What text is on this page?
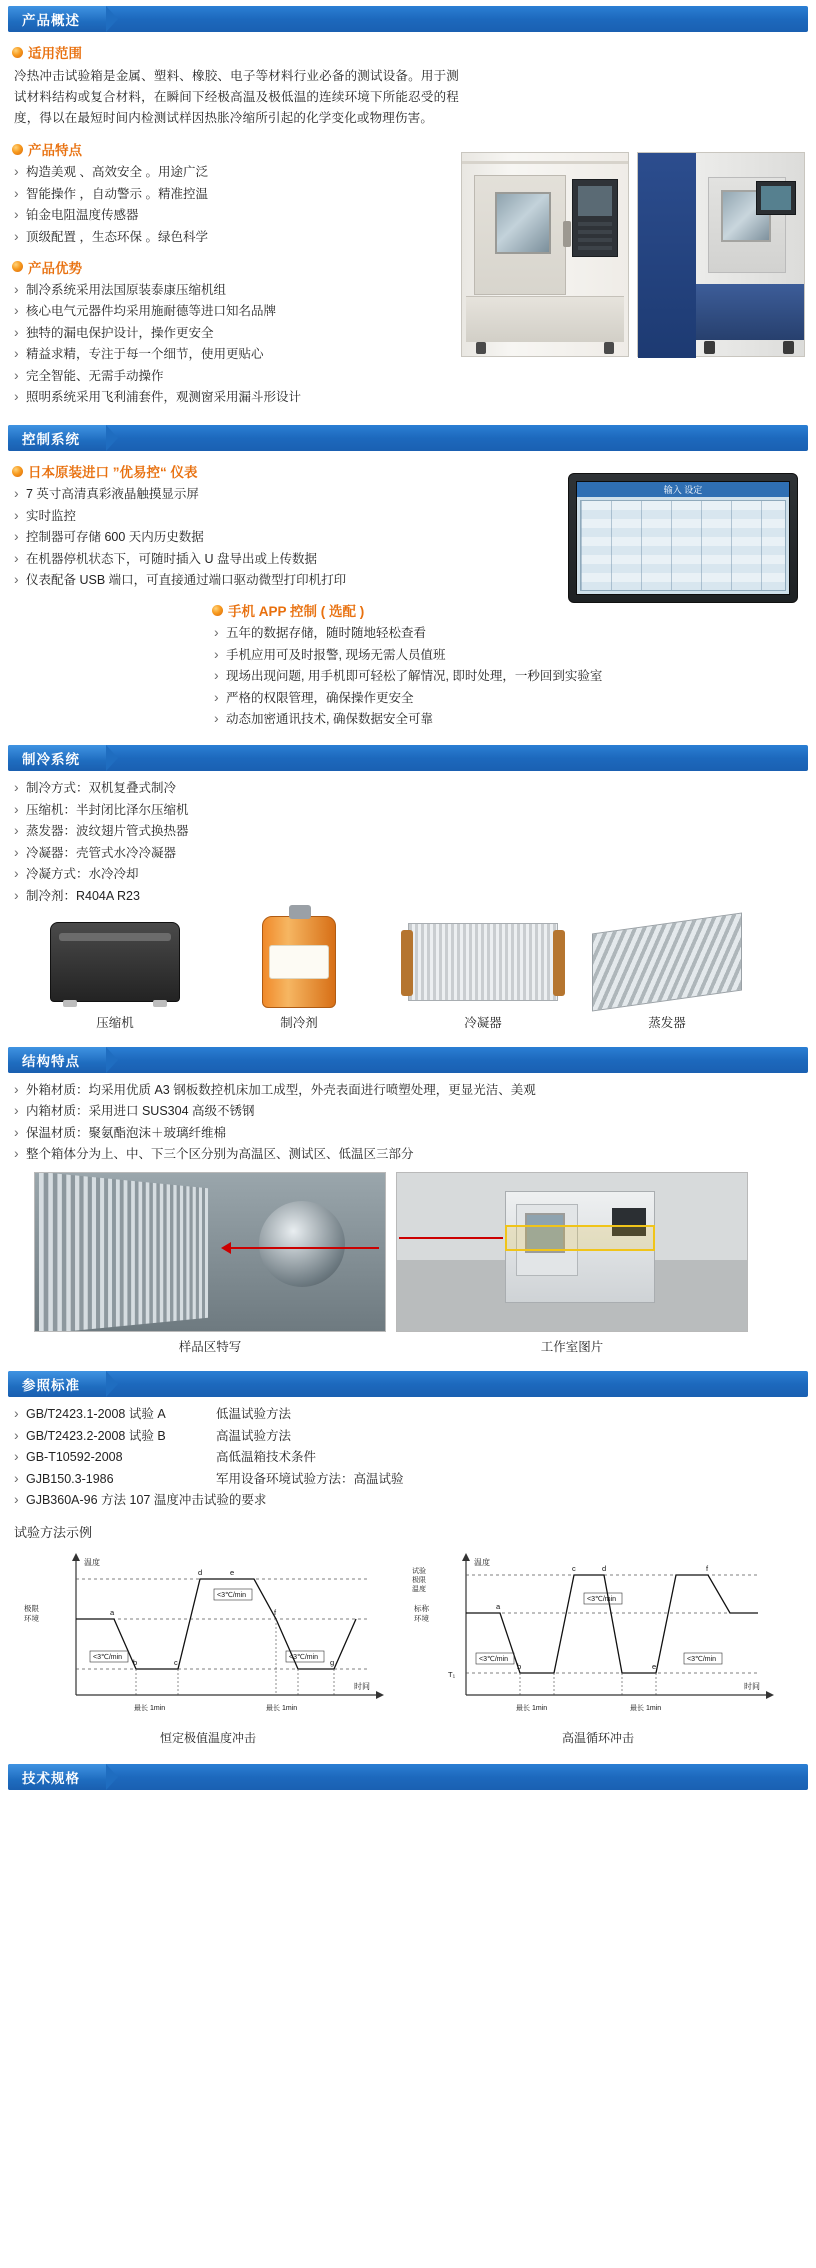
产品概述
适用范围
冷热冲击试验箱是金属、塑料、橡胶、电子等材料行业必备的测试设备。用于测试材料结构或复合材料，在瞬间下经极高温及极低温的连续环境下所能忍受的程度，得以在最短时间内检测试样因热胀冷缩所引起的化学变化或物理伤害。
产品特点
› 构造美观 、高效安全 。用途广泛
› 智能操作 ，自动警示 。精准控温
› 铂金电阻温度传感器
› 顶级配置 ，生态环保 。绿色科学
产品优势
› 制冷系统采用法国原装泰康压缩机组
› 核心电气元器件均采用施耐德等进口知名品牌
› 独特的漏电保护设计，操作更安全
› 精益求精，专注于每一个细节，使用更贴心
› 完全智能、无需手动操作
› 照明系统采用飞利浦套件，观测窗采用漏斗形设计
控制系统
输入 设定
日本原装进口 ”优易控“ 仪表
› 7 英寸高清真彩液晶触摸显示屏
› 实时监控
› 控制器可存储 600 天内历史数据
› 在机器停机状态下，可随时插入 U 盘导出或上传数据
› 仪表配备 USB 端口，可直接通过端口驱动微型打印机打印
手机 APP 控制 ( 选配 )
› 五年的数据存储，随时随地轻松查看
› 手机应用可及时报警, 现场无需人员值班
› 现场出现问题, 用手机即可轻松了解情况, 即时处理，一秒回到实验室
› 严格的权限管理，确保操作更安全
› 动态加密通讯技术, 确保数据安全可靠
制冷系统
› 制冷方式：双机复叠式制冷
› 压缩机：半封闭比泽尔压缩机
› 蒸发器：波纹翅片管式换热器
› 冷凝器：壳管式水冷冷凝器
› 冷凝方式：水冷冷却
› 制冷剂：R404A R23
压缩机	制冷剂	冷凝器	蒸发器
结构特点
› 外箱材质：均采用优质 A3 钢板数控机床加工成型，外壳表面进行喷塑处理，更显光洁、美观
› 内箱材质：采用进口 SUS304 高级不锈钢
› 保温材质：聚氨酯泡沫＋玻璃纤维棉
› 整个箱体分为上、中、下三个区分别为高温区、测试区、低温区三部分
样品区特写	工作室图片
参照标准
› GB/T2423.1-2008 试验 A	低温试验方法
› GB/T2423.2-2008 试验 B	高温试验方法
› GB-T10592-2008	高低温箱技术条件
› GJB150.3-1986	军用设备环境试验方法：高温试验
› GJB360A-96 方法 107 温度冲击试验的要求
试验方法示例
温度
时间
极限
环境
a
b	c
d	e
f
g
<3℃/min
<3℃/min	<3℃/min
最长 1min	最长 1min
恒定极值温度冲击
温度
时间
试验
极限
温度
标称
环境
T₁
a
b
c	d
e
f
<3℃/min
<3℃/min	<3℃/min
最长 1min	最长 1min
高温循环冲击
技术规格
